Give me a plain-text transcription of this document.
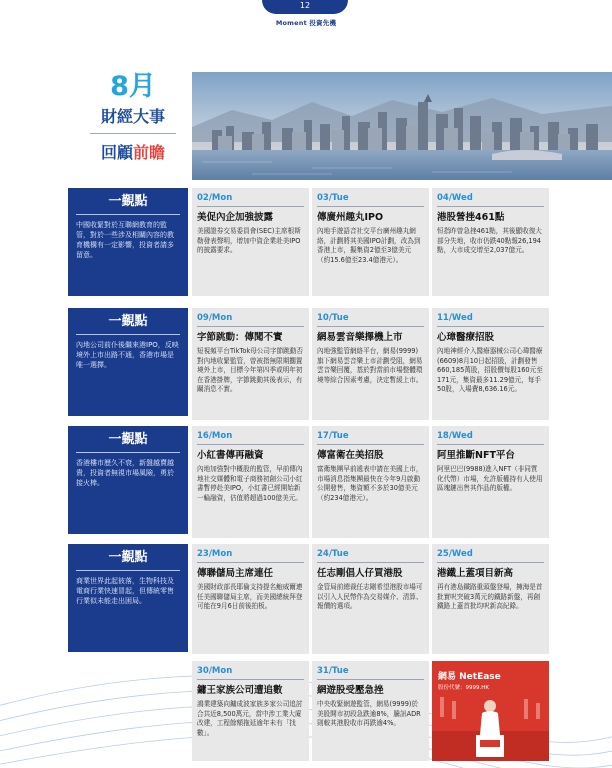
12
Moment 投資先機
8月
財經大事
回顧前瞻
一覲點
中國收緊對於互聯網教育的監管，對於一些涉及相關內容的教育機構有一定影響，投資者請多留意。
一覲點
內地公司前仆後繼來港IPO，反映境外上市出路不通，香港市場是唯一選擇。
一覲點
香港樓市歷久不衰，新盤越賣越貴，投資者無視市場風險，勇於接火棒。
一覲點
商業世界此起彼落，生物科技及電商行業快速冒起，但傳統零售行業似未能走出困局。
02/Mon
美促內企加強披露
美國證券交易委員會(SEC)主席根斯勒發表聲明，增加中資企業赴美IPO的披露要求。
03/Tue
傳廣州趣丸IPO
內地手遊語音社交平台廣州趣丸網絡，計劃將其美國IPO計劃，改為到香港上市，擬集資2億至3億美元（約15.6億至23.4億港元）。
04/Wed
港股營挫461點
恒指昨曾急挫461點，其後顯收復大部分失地，收市仍跌40點報26,194點，大市成交增至2,037億元。
09/Mon
字節跳動：傳聞不實
短視頻平台TikTok母公司字節跳動否對內地收緊監管，曾被指無限期擱置境外上市，目標今年第四季或明年初在香港掛牌，字節跳動其後表示，有關消息不實。
10/Tue
網易雲音樂擇機上市
內地強監管網絡平台，網易(9999)旗下網易雲音樂上市計劃受阻，網易雲音樂回覆，基於對當前市場整體環境等綜合因素考慮，決定暫緩上市。
11/Wed
心璋醫療招股
內地神經介入醫療器械公司心瑋醫療(6609)8月10日起招股，計劃發售660,185萬股，招股價每股160元至171元，集資最多11.29億元，每手50股，入場費8,636.16元。
16/Mon
小紅書傳再融資
內地加強對中概股的監管，早前傳內地社交媒體和電子商務初創公司小紅書暫停赴美IPO，小紅書已經開始新一輪融資，估值將超過100億美元。
17/Tue
傳富衛在美招股
富衛集團早前遞表申請在美國上市，市場消息指集團最快在今年9月啟動公開發售，集資額不多於30億美元（約234億港元）。
18/Wed
阿里推斷NFT平台
阿里巴巴(9988)進入NFT（非同質化代幣）市場，允許版權持有人使用區塊鏈出售其作品的版權。
23/Mon
傳聯儲局主席連任
美國財政部長耶倫支持提名鮑威爾連任美國聯儲局主席，而美國總統拜登可能在9月6日前後拍板。
24/Tue
任志剛倡人仔買港股
金管局前總裁任志剛希望港股市場可以引入人民幣作為交易媒介、清算、報價的選項。
25/Wed
港鐵上蓋項目新高
再有港島鐵路重頭盤登場，擁海是首批實呎突破3萬元的鐵路新盤，再創鐵路上蓋首批均呎新高紀錄。
30/Mon
鏞王家族公司遭追數
鴻業建築向鏞成波家族多家公司追討合共近8,500萬元，當中涉工業大廈改建，工程餘額拖延逾年未有「找數」。
31/Tue
網遊股受壓急挫
中央收緊網遊監管，網易(9999)於美股開市初段急跌逾8%，騰訊ADR則較其港股收市再跌逾4%。
網易 NetEase
股份代號：9999.HK
